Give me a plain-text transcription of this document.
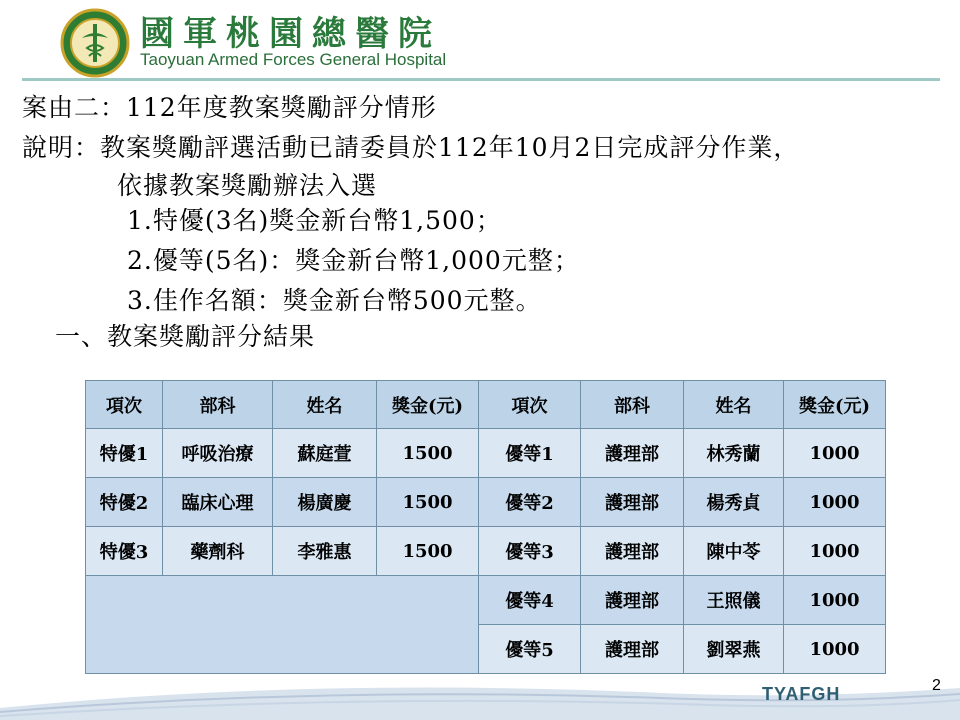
國軍桃園總醫院
Taoyuan Armed Forces General Hospital
案由二：112年度教案獎勵評分情形
說明：教案獎勵評選活動已請委員於112年10月2日完成評分作業，
依據教案獎勵辦法入選
1.特優(3名)獎金新台幣1,500；
2.優等(5名)：獎金新台幣1,000元整；
3.佳作名額：獎金新台幣500元整。
一、教案獎勵評分結果
項次	部科	姓名	獎金(元)	項次	部科	姓名	獎金(元)
特優1	呼吸治療	蘇庭萱	1500	優等1	護理部	林秀蘭	1000
特優2	臨床心理	楊廣慶	1500	優等2	護理部	楊秀貞	1000
特優3	藥劑科	李雅惠	1500	優等3	護理部	陳中苓	1000
				優等4	護理部	王照儀	1000
				優等5	護理部	劉翠燕	1000
TYAFGH	2
